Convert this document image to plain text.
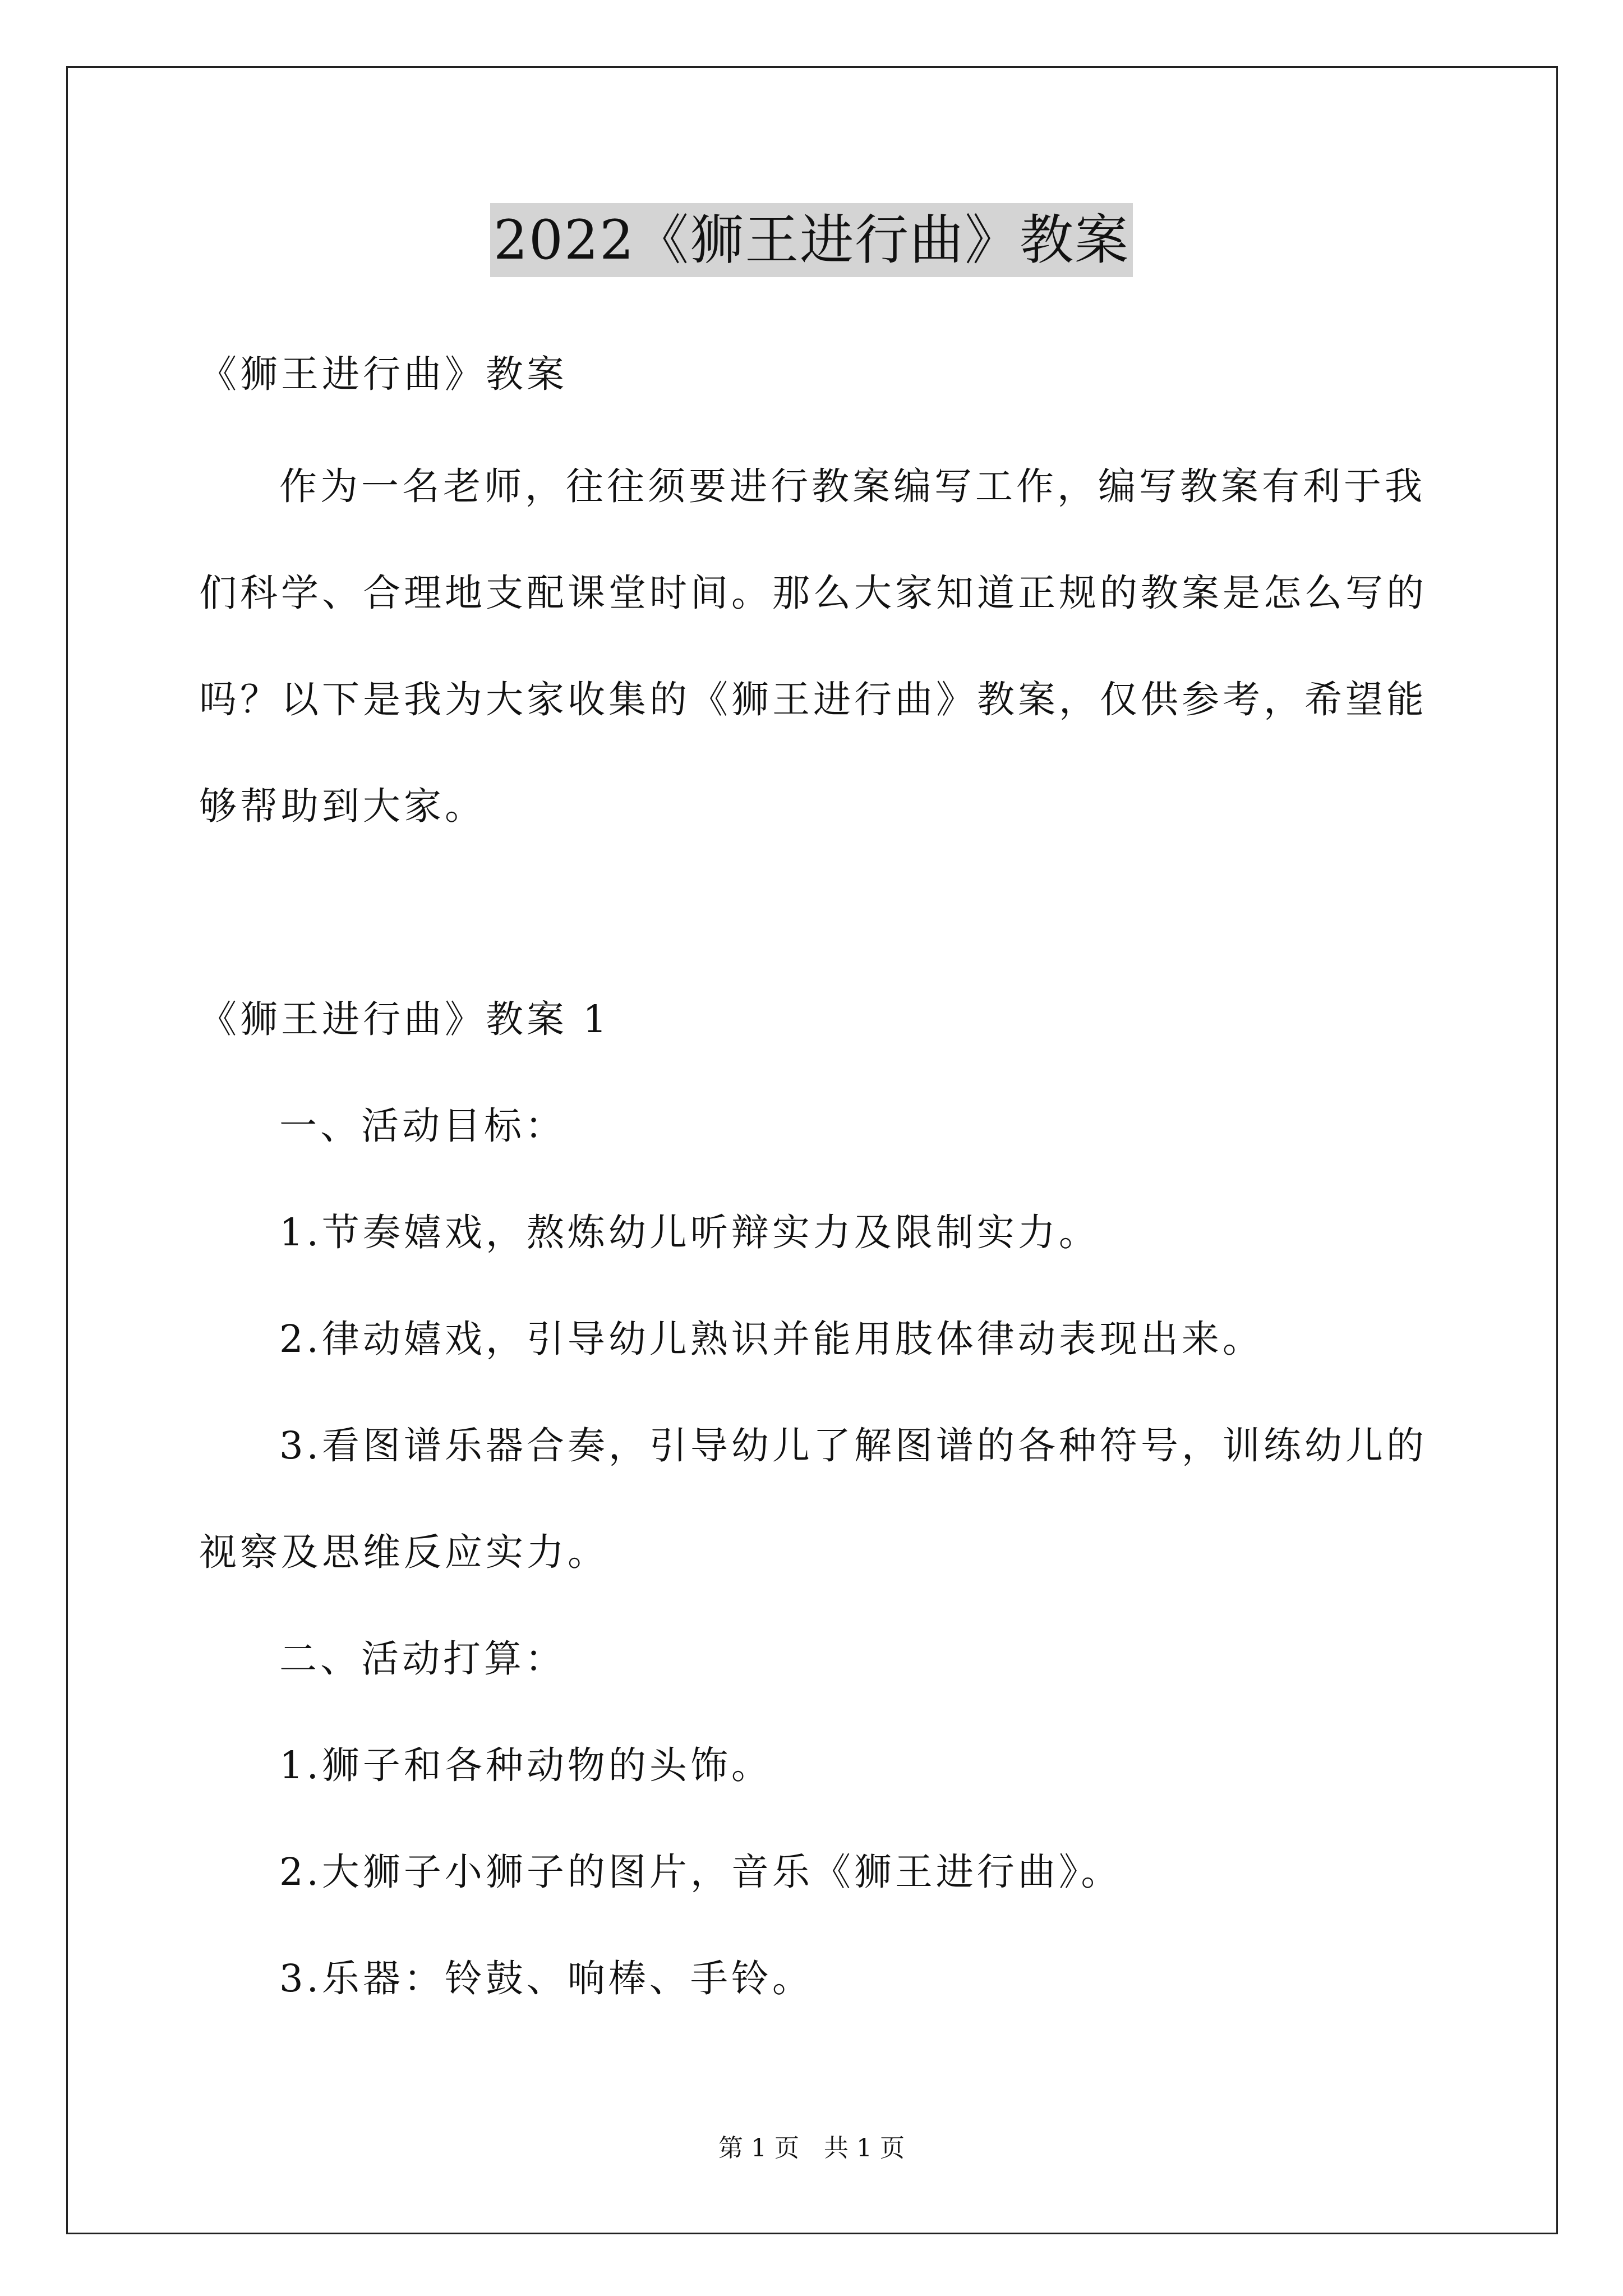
2022《狮王进行曲》教案
《狮王进行曲》教案
作为一名老师，往往须要进行教案编写工作，编写教案有利于我
们科学、合理地支配课堂时间。那么大家知道正规的教案是怎么写的
吗？以下是我为大家收集的《狮王进行曲》教案，仅供参考，希望能
够帮助到大家。
《狮王进行曲》教案 1
一、活动目标：
1.节奏嬉戏，熬炼幼儿听辩实力及限制实力。
2.律动嬉戏，引导幼儿熟识并能用肢体律动表现出来。
3.看图谱乐器合奏，引导幼儿了解图谱的各种符号，训练幼儿的
视察及思维反应实力。
二、活动打算：
1.狮子和各种动物的头饰。
2.大狮子小狮子的图片，音乐《狮王进行曲》。
3.乐器：铃鼓、响棒、手铃。
第 1 页　共 1 页
